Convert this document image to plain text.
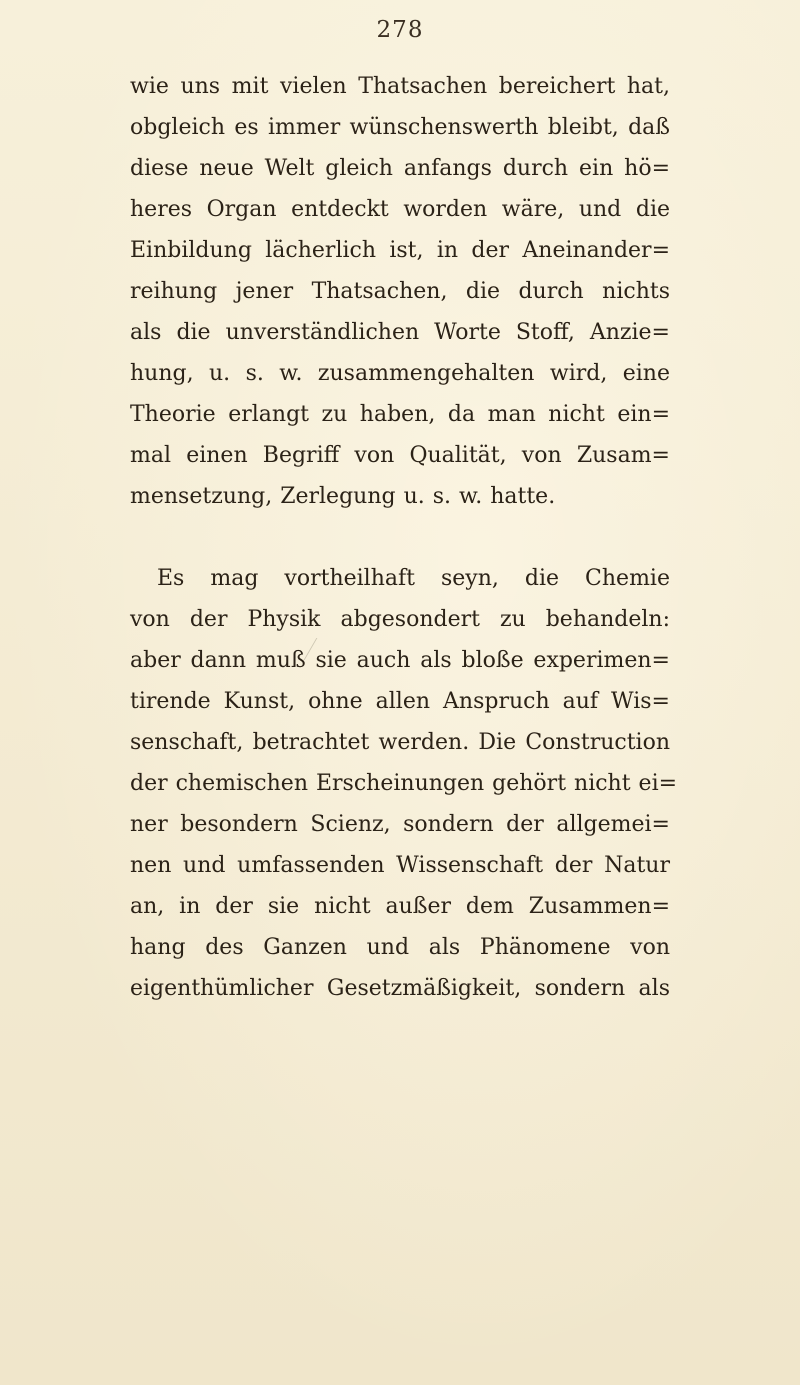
278
wie uns mit vielen Thatsachen bereichert hat,
obgleich es immer wünschenswerth bleibt, daß
diese neue Welt gleich anfangs durch ein hö=
heres Organ entdeckt worden wäre, und die
Einbildung lächerlich ist, in der Aneinander=
reihung jener Thatsachen, die durch nichts
als die unverständlichen Worte Stoff, Anzie=
hung, u. s. w. zusammengehalten wird, eine
Theorie erlangt zu haben, da man nicht ein=
mal einen Begriff von Qualität, von Zusam=
mensetzung, Zerlegung u. s. w. hatte.
Es mag vortheilhaft seyn, die Chemie
von der Physik abgesondert zu behandeln:
aber dann muß sie auch als bloße experimen=
tirende Kunst, ohne allen Anspruch auf Wis=
senschaft, betrachtet werden. Die Construction
der chemischen Erscheinungen gehört nicht ei=
ner besondern Scienz, sondern der allgemei=
nen und umfassenden Wissenschaft der Natur
an, in der sie nicht außer dem Zusammen=
hang des Ganzen und als Phänomene von
eigenthümlicher Gesetzmäßigkeit, sondern als
